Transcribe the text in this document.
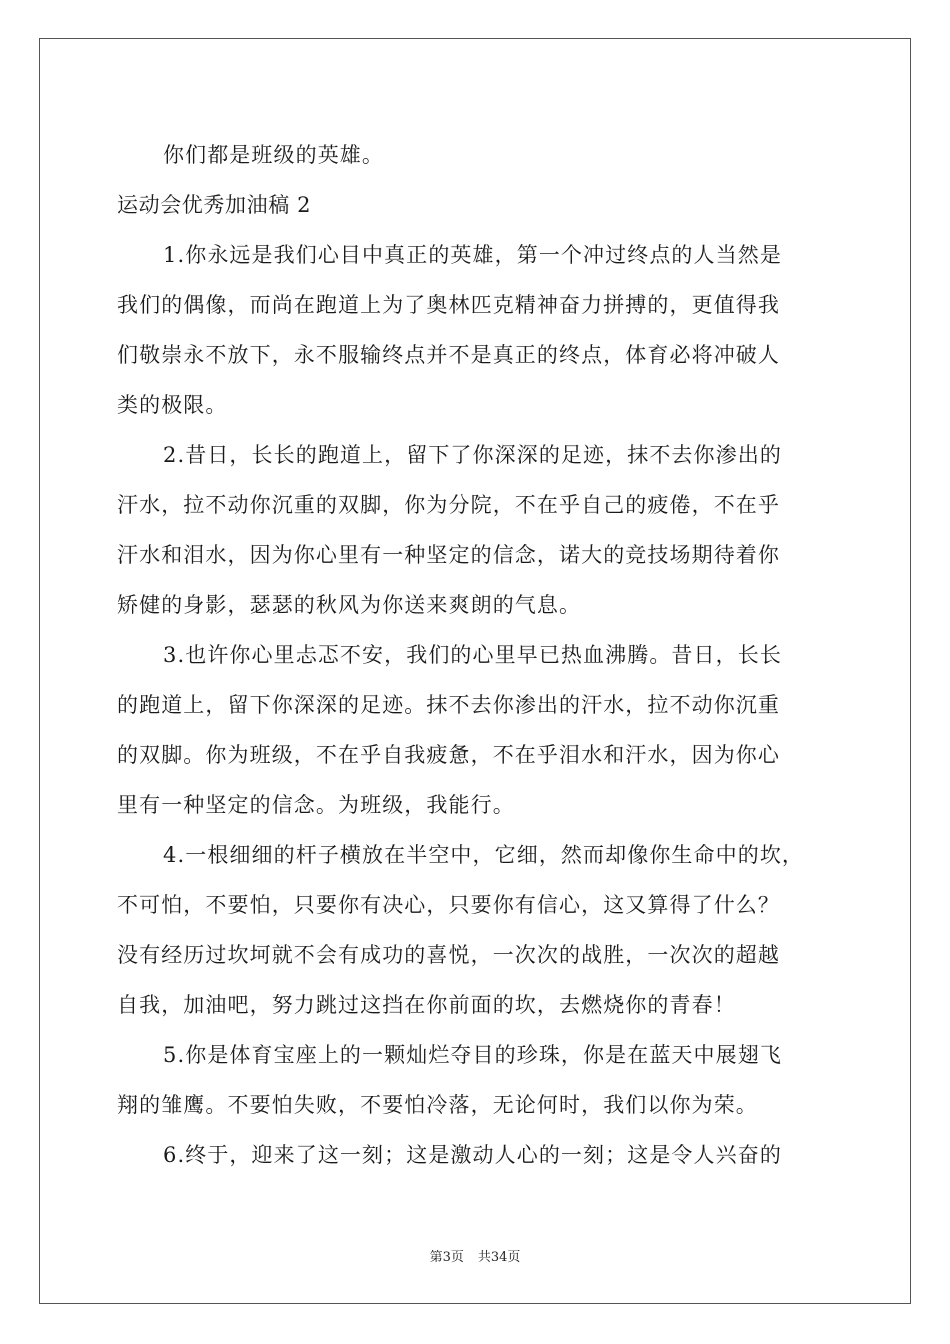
你们都是班级的英雄。
运动会优秀加油稿 2
1.你永远是我们心目中真正的英雄，第一个冲过终点的人当然是
我们的偶像，而尚在跑道上为了奥林匹克精神奋力拼搏的，更值得我
们敬崇永不放下，永不服输终点并不是真正的终点，体育必将冲破人
类的极限。
2.昔日，长长的跑道上，留下了你深深的足迹，抹不去你渗出的
汗水，拉不动你沉重的双脚，你为分院，不在乎自己的疲倦，不在乎
汗水和泪水，因为你心里有一种坚定的信念，诺大的竞技场期待着你
矫健的身影，瑟瑟的秋风为你送来爽朗的气息。
3.也许你心里忐忑不安，我们的心里早已热血沸腾。昔日，长长
的跑道上，留下你深深的足迹。抹不去你渗出的汗水，拉不动你沉重
的双脚。你为班级，不在乎自我疲惫，不在乎泪水和汗水，因为你心
里有一种坚定的信念。为班级，我能行。
4.一根细细的杆子横放在半空中，它细，然而却像你生命中的坎，
不可怕，不要怕，只要你有决心，只要你有信心，这又算得了什么？
没有经历过坎坷就不会有成功的喜悦，一次次的战胜，一次次的超越
自我，加油吧，努力跳过这挡在你前面的坎，去燃烧你的青春！
5.你是体育宝座上的一颗灿烂夺目的珍珠，你是在蓝天中展翅飞
翔的雏鹰。不要怕失败，不要怕冷落，无论何时，我们以你为荣。
6.终于，迎来了这一刻；这是激动人心的一刻；这是令人兴奋的
第3页 共34页
